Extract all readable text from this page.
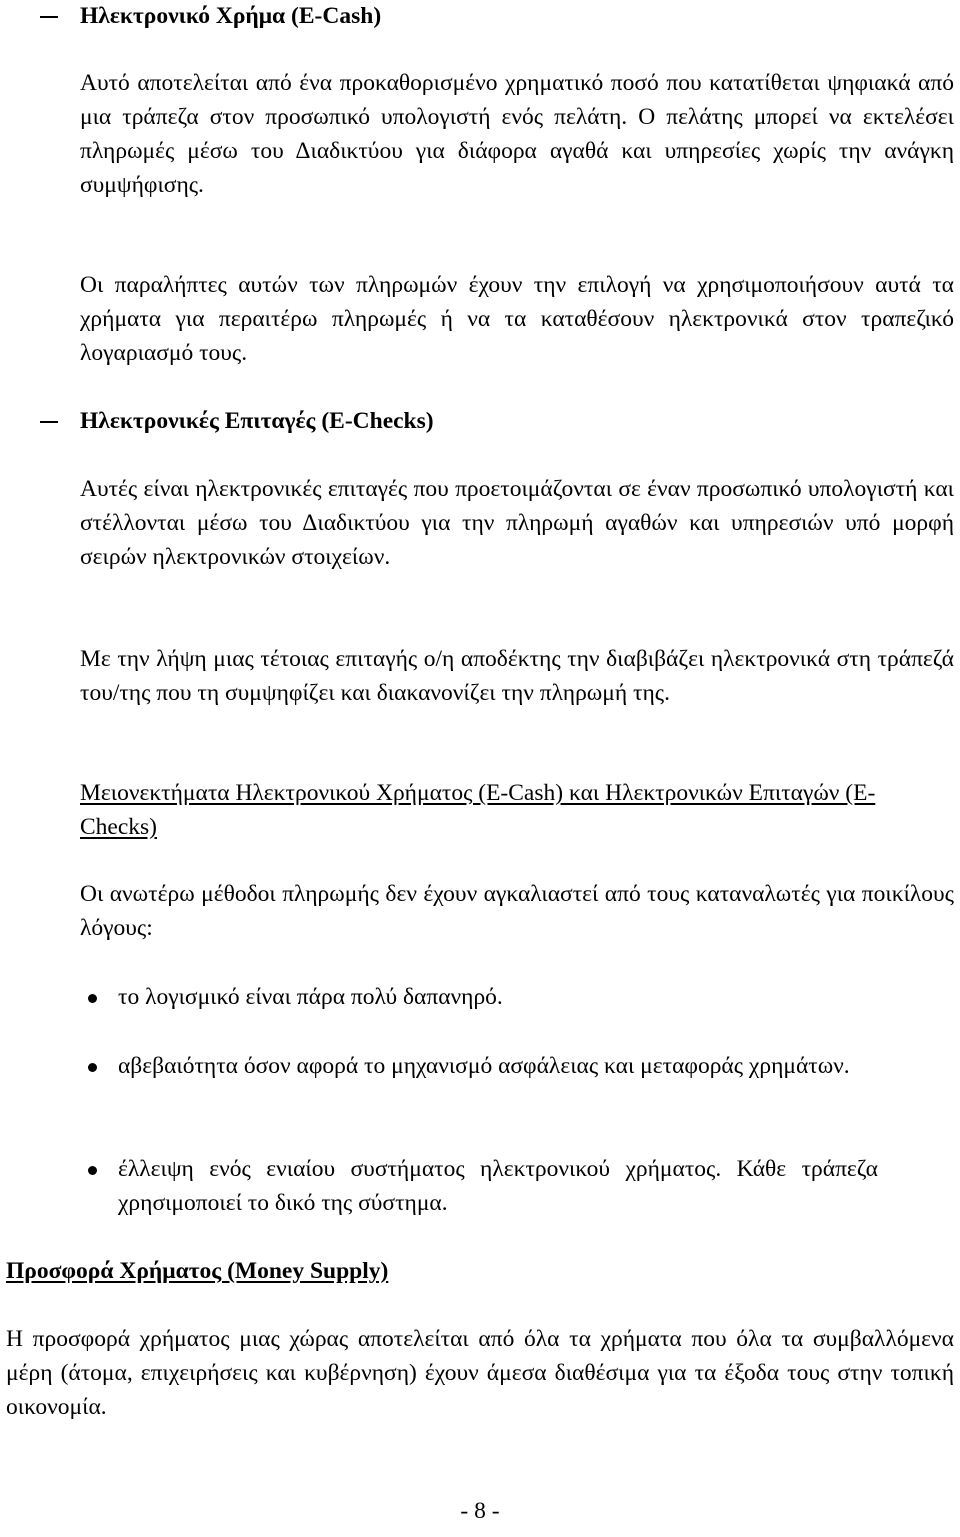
Ηλεκτρονικό Χρήμα (E-Cash)

Αυτό αποτελείται από ένα προκαθορισμένο χρηματικό ποσό που κατατίθεται ψηφιακά από μια τράπεζα στον προσωπικό υπολογιστή ενός πελάτη. Ο πελάτης μπορεί να εκτελέσει πληρωμές μέσω του Διαδικτύου για διάφορα αγαθά και υπηρεσίες χωρίς την ανάγκη συμψήφισης.

Οι παραλήπτες αυτών των πληρωμών έχουν την επιλογή να χρησιμοποιήσουν αυτά τα χρήματα για περαιτέρω πληρωμές ή να τα καταθέσουν ηλεκτρονικά στον τραπεζικό λογαριασμό τους.

Ηλεκτρονικές Επιταγές (E-Checks)

Αυτές είναι ηλεκτρονικές επιταγές που προετοιμάζονται σε έναν προσωπικό υπολογιστή και στέλλονται μέσω του Διαδικτύου για την πληρωμή αγαθών και υπηρεσιών υπό μορφή σειρών ηλεκτρονικών στοιχείων.

Με την λήψη μιας τέτοιας επιταγής ο/η αποδέκτης την διαβιβάζει ηλεκτρονικά στη τράπεζά του/της που τη συμψηφίζει και διακανονίζει την πληρωμή της.

Μειονεκτήματα Ηλεκτρονικού Χρήματος (E-Cash) και Ηλεκτρονικών Επιταγών (E-Checks)

Οι ανωτέρω μέθοδοι πληρωμής δεν έχουν αγκαλιαστεί από τους καταναλωτές για ποικίλους λόγους:

το λογισμικό είναι πάρα πολύ δαπανηρό.

αβεβαιότητα όσον αφορά το μηχανισμό ασφάλειας και μεταφοράς χρημάτων.

έλλειψη ενός ενιαίου συστήματος ηλεκτρονικού χρήματος. Κάθε τράπεζα χρησιμοποιεί το δικό της σύστημα.

Προσφορά Χρήματος (Money Supply)

Η προσφορά χρήματος μιας χώρας αποτελείται από όλα τα χρήματα που όλα τα συμβαλλόμενα μέρη (άτομα, επιχειρήσεις και κυβέρνηση) έχουν άμεσα διαθέσιμα για τα έξοδα τους στην τοπική οικονομία.

- 8 -
